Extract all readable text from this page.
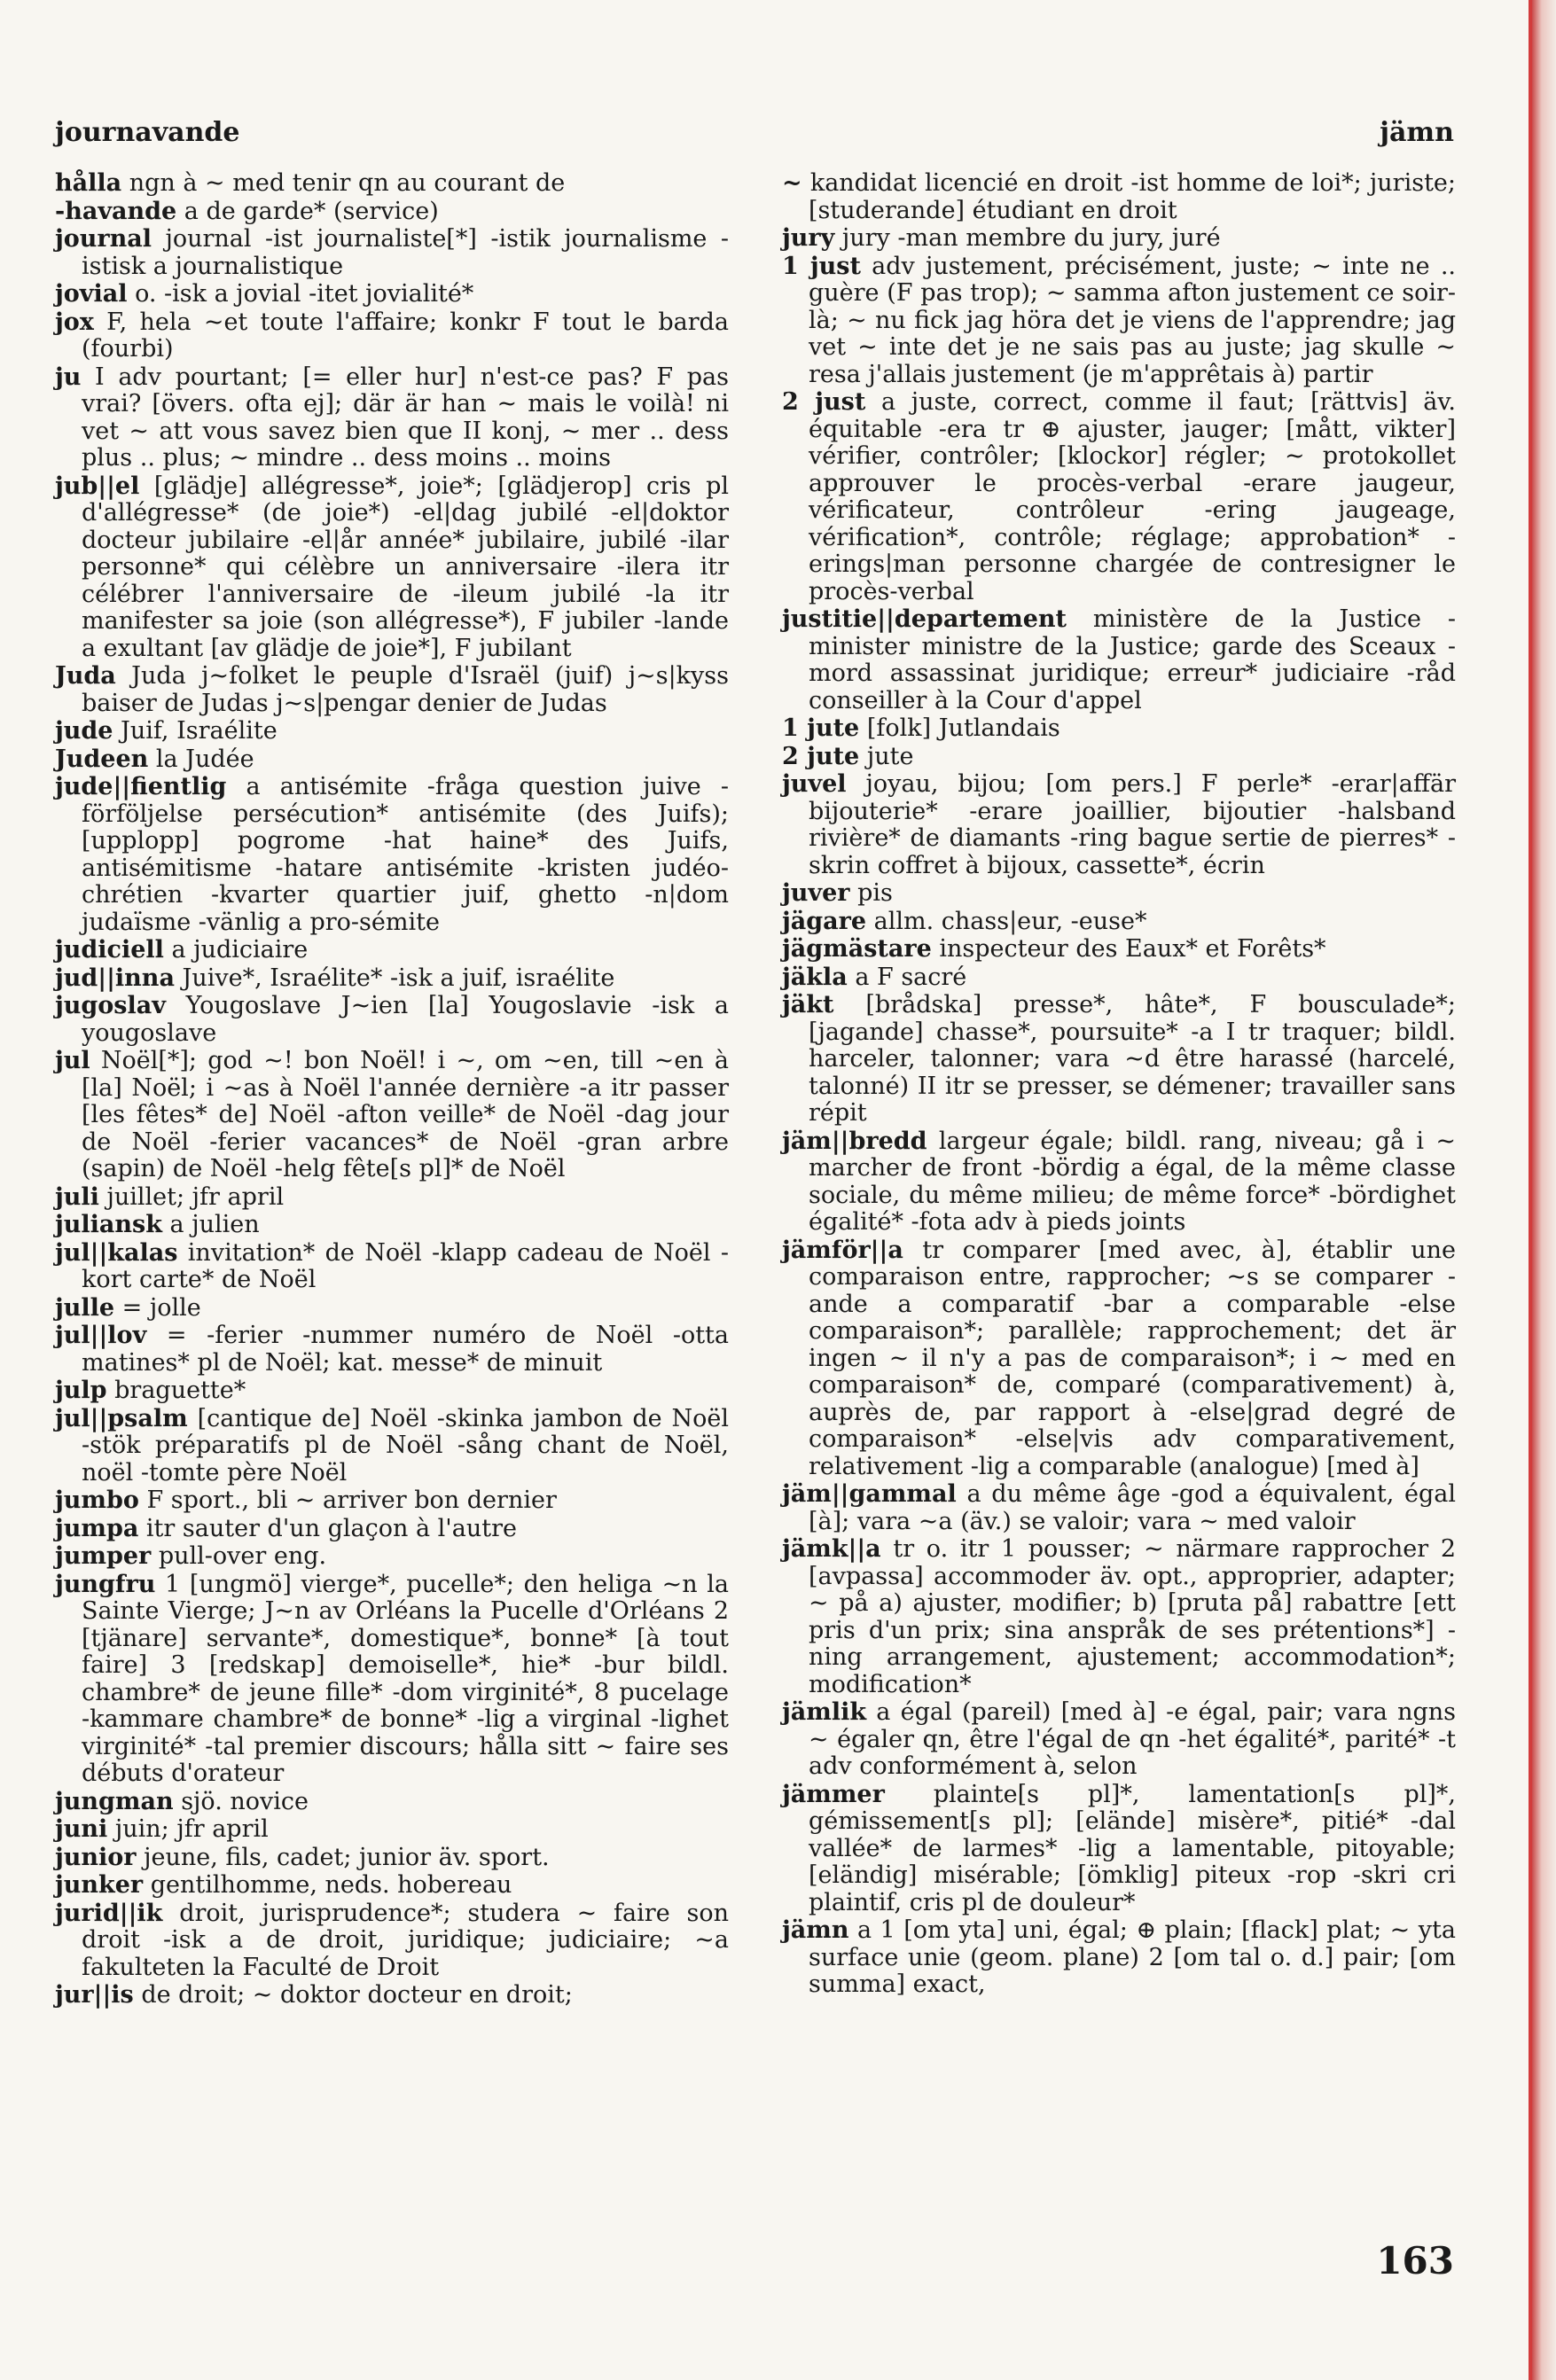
journavande	jämn

hålla ngn à ~ med tenir qn au courant de

-havande a de garde* (service)

journal journal -ist journaliste[*] -istik journalisme -istisk a journalistique

jovial o. -isk a jovial -itet jovialité*

jox F, hela ~et toute l'affaire; konkr F tout le barda (fourbi)

ju I adv pourtant; [= eller hur] n'est-ce pas? F pas vrai? [övers. ofta ej]; där är han ~ mais le voilà! ni vet ~ att vous savez bien que II konj, ~ mer .. dess plus .. plus; ~ mindre .. dess moins .. moins

jub||el [glädje] allégresse*, joie*; [glädjerop] cris pl d'allégresse* (de joie*) -el|dag jubilé -el|doktor docteur jubilaire -el|år année* jubilaire, jubilé -ilar personne* qui célèbre un anniversaire -ilera itr célébrer l'anniversaire de -ileum jubilé -la itr manifester sa joie (son allégresse*), F jubiler -lande a exultant [av glädje de joie*], F jubilant

Juda Juda j~folket le peuple d'Israël (juif) j~s|kyss baiser de Judas j~s|pengar denier de Judas

jude Juif, Israélite

Judeen la Judée

jude||fientlig a antisémite -fråga question juive -förföljelse persécution* antisémite (des Juifs); [upplopp] pogrome -hat haine* des Juifs, antisémitisme -hatare antisémite -kristen judéo-chrétien -kvarter quartier juif, ghetto -n|dom judaïsme -vänlig a pro-sémite

judiciell a judiciaire

jud||inna Juive*, Israélite* -isk a juif, israélite

jugoslav Yougoslave J~ien [la] Yougoslavie -isk a yougoslave

jul Noël[*]; god ~! bon Noël! i ~, om ~en, till ~en à [la] Noël; i ~as à Noël l'année dernière -a itr passer [les fêtes* de] Noël -afton veille* de Noël -dag jour de Noël -ferier vacances* de Noël -gran arbre (sapin) de Noël -helg fête[s pl]* de Noël

juli juillet; jfr april

juliansk a julien

jul||kalas invitation* de Noël -klapp cadeau de Noël -kort carte* de Noël

julle = jolle

jul||lov = -ferier -nummer numéro de Noël -otta matines* pl de Noël; kat. messe* de minuit

julp braguette*

jul||psalm [cantique de] Noël -skinka jambon de Noël -stök préparatifs pl de Noël -sång chant de Noël, noël -tomte père Noël

jumbo F sport., bli ~ arriver bon dernier

jumpa itr sauter d'un glaçon à l'autre

jumper pull-over eng.

jungfru 1 [ungmö] vierge*, pucelle*; den heliga ~n la Sainte Vierge; J~n av Orléans la Pucelle d'Orléans 2 [tjänare] servante*, domestique*, bonne* [à tout faire] 3 [redskap] demoiselle*, hie* -bur bildl. chambre* de jeune fille* -dom virginité*, 8 pucelage -kammare chambre* de bonne* -lig a virginal -lighet virginité* -tal premier discours; hålla sitt ~ faire ses débuts d'orateur

jungman sjö. novice

juni juin; jfr april

junior jeune, fils, cadet; junior äv. sport.

junker gentilhomme, neds. hobereau

jurid||ik droit, jurisprudence*; studera ~ faire son droit -isk a de droit, juridique; judiciaire; ~a fakulteten la Faculté de Droit

jur||is de droit; ~ doktor docteur en droit;

~ kandidat licencié en droit -ist homme de loi*; juriste; [studerande] étudiant en droit

jury jury -man membre du jury, juré

1 just adv justement, précisément, juste; ~ inte ne .. guère (F pas trop); ~ samma afton justement ce soir-là; ~ nu fick jag höra det je viens de l'apprendre; jag vet ~ inte det je ne sais pas au juste; jag skulle ~ resa j'allais justement (je m'apprêtais à) partir

2 just a juste, correct, comme il faut; [rättvis] äv. équitable -era tr ⊕ ajuster, jauger; [mått, vikter] vérifier, contrôler; [klockor] régler; ~ protokollet approuver le procès-verbal -erare jaugeur, vérificateur, contrôleur -ering jaugeage, vérification*, contrôle; réglage; approbation* -erings|man personne chargée de contresigner le procès-verbal

justitie||departement ministère de la Justice -minister ministre de la Justice; garde des Sceaux -mord assassinat juridique; erreur* judiciaire -råd conseiller à la Cour d'appel

1 jute [folk] Jutlandais

2 jute jute

juvel joyau, bijou; [om pers.] F perle* -erar|affär bijouterie* -erare joaillier, bijoutier -halsband rivière* de diamants -ring bague sertie de pierres* -skrin coffret à bijoux, cassette*, écrin

juver pis

jägare allm. chass|eur, -euse*

jägmästare inspecteur des Eaux* et Forêts*

jäkla a F sacré

jäkt [brådska] presse*, hâte*, F bousculade*; [jagande] chasse*, poursuite* -a I tr traquer; bildl. harceler, talonner; vara ~d être harassé (harcelé, talonné) II itr se presser, se démener; travailler sans répit

jäm||bredd largeur égale; bildl. rang, niveau; gå i ~ marcher de front -bördig a égal, de la même classe sociale, du même milieu; de même force* -bördighet égalité* -fota adv à pieds joints

jämför||a tr comparer [med avec, à], établir une comparaison entre, rapprocher; ~s se comparer -ande a comparatif -bar a comparable -else comparaison*; parallèle; rapprochement; det är ingen ~ il n'y a pas de comparaison*; i ~ med en comparaison* de, comparé (comparativement) à, auprès de, par rapport à -else|grad degré de comparaison* -else|vis adv comparativement, relativement -lig a comparable (analogue) [med à]

jäm||gammal a du même âge -god a équivalent, égal [à]; vara ~a (äv.) se valoir; vara ~ med valoir

jämk||a tr o. itr 1 pousser; ~ närmare rapprocher 2 [avpassa] accommoder äv. opt., approprier, adapter; ~ på a) ajuster, modifier; b) [pruta på] rabattre [ett pris d'un prix; sina anspråk de ses prétentions*] -ning arrangement, ajustement; accommodation*; modification*

jämlik a égal (pareil) [med à] -e égal, pair; vara ngns ~ égaler qn, être l'égal de qn -het égalité*, parité* -t adv conformément à, selon

jämmer plainte[s pl]*, lamentation[s pl]*, gémissement[s pl]; [elände] misère*, pitié* -dal vallée* de larmes* -lig a lamentable, pitoyable; [eländig] misérable; [ömklig] piteux -rop -skri cri plaintif, cris pl de douleur*

jämn a 1 [om yta] uni, égal; ⊕ plain; [flack] plat; ~ yta surface unie (geom. plane) 2 [om tal o. d.] pair; [om summa] exact,

163
